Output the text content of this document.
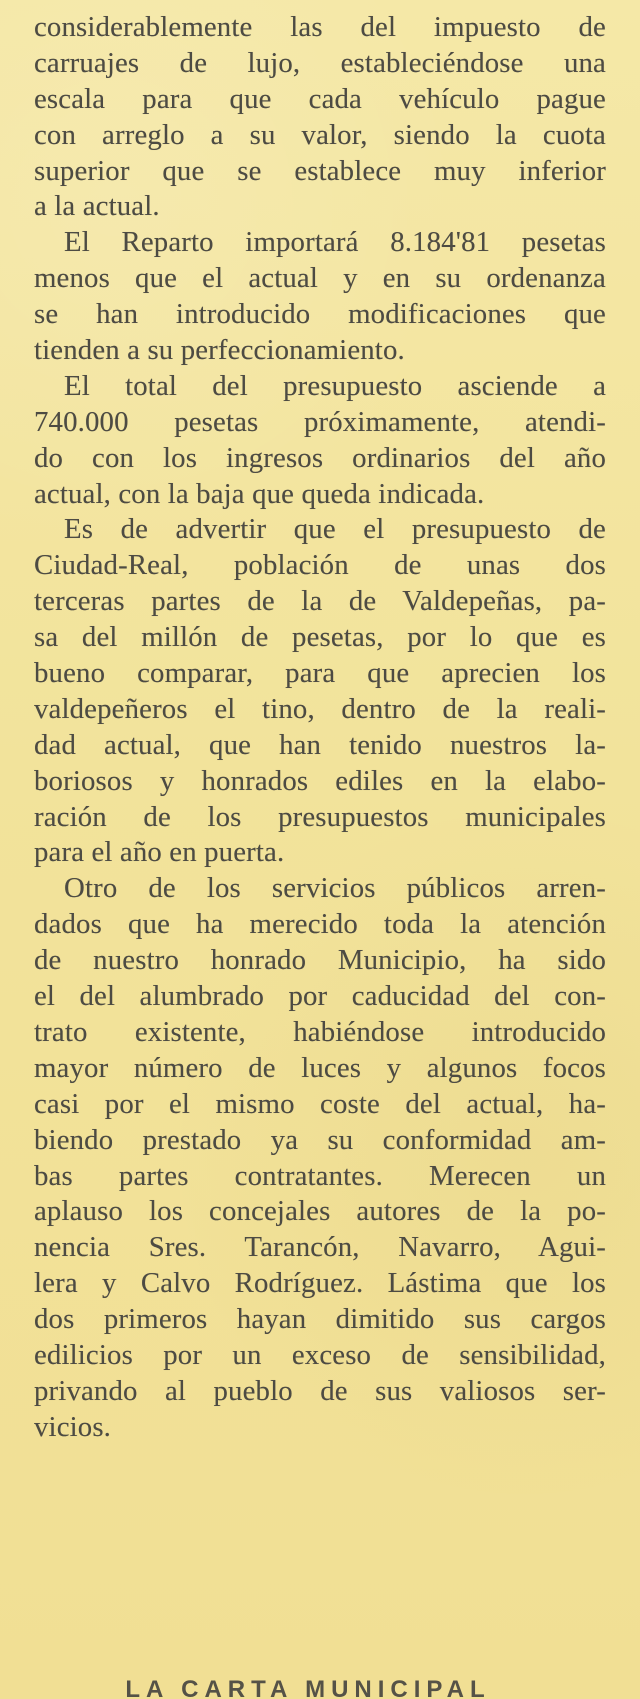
considerablemente las del impuesto de
carruajes de lujo, estableciéndose una
escala para que cada vehículo pague
con arreglo a su valor, siendo la cuota
superior que se establece muy inferior
a la actual.
El Reparto importará 8.184'81 pesetas
menos que el actual y en su ordenanza
se han introducido modificaciones que
tienden a su perfeccionamiento.
El total del presupuesto asciende a
740.000 pesetas próximamente, atendi-
do con los ingresos ordinarios del año
actual, con la baja que queda indicada.
Es de advertir que el presupuesto de
Ciudad-Real, población de unas dos
terceras partes de la de Valdepeñas, pa-
sa del millón de pesetas, por lo que es
bueno comparar, para que aprecien los
valdepeñeros el tino, dentro de la reali-
dad actual, que han tenido nuestros la-
boriosos y honrados ediles en la elabo-
ración de los presupuestos municipales
para el año en puerta.
Otro de los servicios públicos arren-
dados que ha merecido toda la atención
de nuestro honrado Municipio, ha sido
el del alumbrado por caducidad del con-
trato existente, habiéndose introducido
mayor número de luces y algunos focos
casi por el mismo coste del actual, ha-
biendo prestado ya su conformidad am-
bas partes contratantes. Merecen un
aplauso los concejales autores de la po-
nencia Sres. Tarancón, Navarro, Agui-
lera y Calvo Rodríguez. Lástima que los
dos primeros hayan dimitido sus cargos
edilicios por un exceso de sensibilidad,
privando al pueblo de sus valiosos ser-
vicios.
LA CARTA MUNICIPAL
